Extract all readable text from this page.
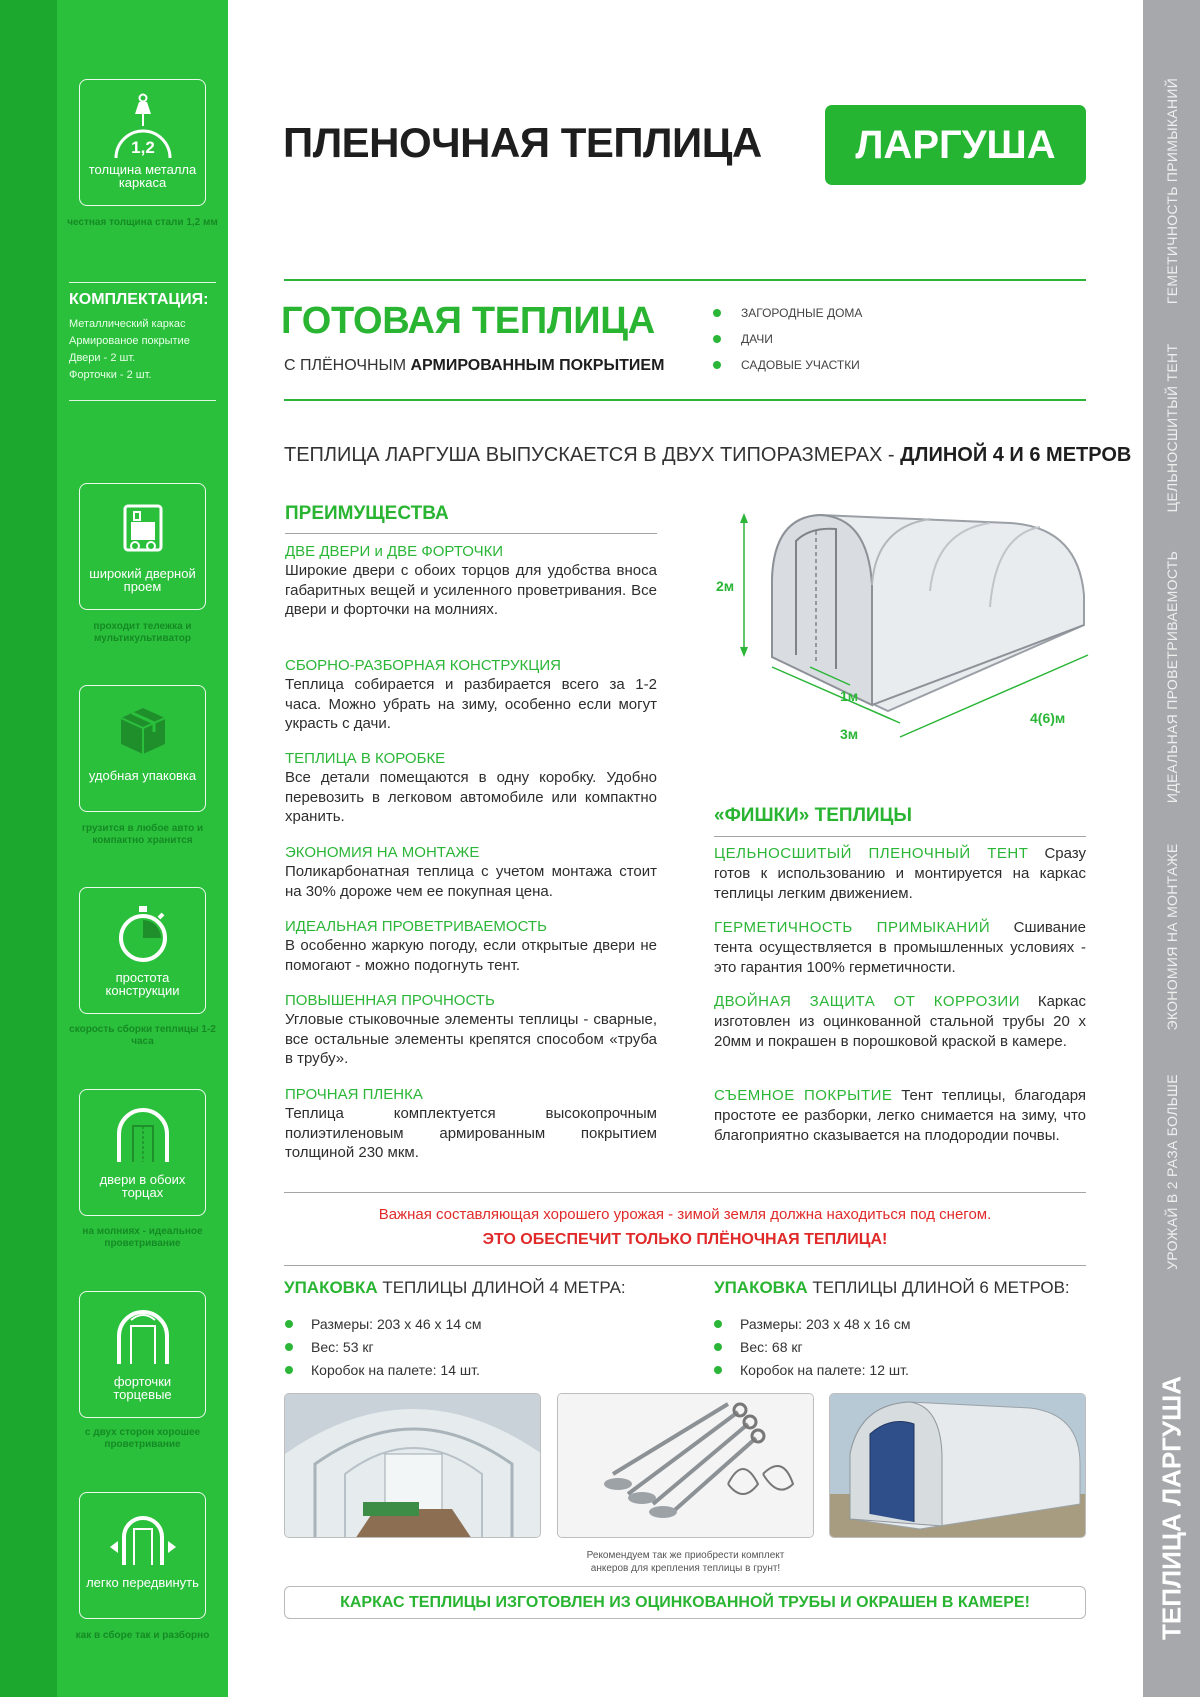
1,2
толщина металла каркаса
честная толщина стали 1,2 мм
КОМПЛЕКТАЦИЯ:
Металлический каркас
Армированое покрытие
Двери - 2 шт.
Форточки - 2 шт.
широкий дверной проем
проходит тележка и мультикультиватор
удобная упаковка
грузится в любое авто и компактно хранится
простота конструкции
скорость сборки теплицы 1-2 часа
двери в обоих торцах
на молниях - идеальное проветривание
форточки торцевые
с двух сторон хорошее проветривание
легко передвинуть
как в сборе так и разборно
ГЕМЕТИЧНОСТЬ ПРИМЫКАНИЙ
ЦЕЛЬНОСШИТЫЙ ТЕНТ
ИДЕАЛЬНАЯ ПРОВЕТРИВАЕМОСТЬ
ЭКОНОМИЯ НА МОНТАЖЕ
УРОЖАЙ В 2 РАЗА БОЛЬШЕ
ТЕПЛИЦА ЛАРГУША
ПЛЕНОЧНАЯ ТЕПЛИЦА	ЛАРГУША
ГОТОВАЯ ТЕПЛИЦА
С ПЛЁНОЧНЫМ АРМИРОВАННЫМ ПОКРЫТИЕМ
ЗАГОРОДНЫЕ ДОМА
ДАЧИ
САДОВЫЕ УЧАСТКИ
ТЕПЛИЦА ЛАРГУША ВЫПУСКАЕТСЯ В ДВУХ ТИПОРАЗМЕРАХ - ДЛИНОЙ 4 И 6 МЕТРОВ
ПРЕИМУЩЕСТВА
ДВЕ ДВЕРИ и ДВЕ ФОРТОЧКИ
Широкие двери с обоих торцов для удобства вноса габаритных вещей и усиленного проветривания. Все двери и форточки на молниях.
СБОРНО-РАЗБОРНАЯ КОНСТРУКЦИЯ
Теплица собирается и разбирается всего за 1-2 часа. Можно убрать на зиму, особенно если могут украсть с дачи.
ТЕПЛИЦА В КОРОБКЕ
Все детали помещаются в одну коробку. Удобно перевозить в легковом автомобиле или компактно хранить.
ЭКОНОМИЯ НА МОНТАЖЕ
Поликарбонатная теплица с учетом монтажа стоит на 30% дороже чем ее покупная цена.
ИДЕАЛЬНАЯ ПРОВЕТРИВАЕМОСТЬ
В особенно жаркую погоду, если открытые двери не помогают - можно подогнуть тент.
ПОВЫШЕННАЯ ПРОЧНОСТЬ
Угловые стыковочные элементы теплицы - сварные, все остальные элементы крепятся способом «труба в трубу».
ПРОЧНАЯ ПЛЕНКА
Теплица комплектуется высокопрочным полиэтиленовым армированным покрытием толщиной 230 мкм.
2м
1м
3м
4(6)м
«ФИШКИ» ТЕПЛИЦЫ
ЦЕЛЬНОСШИТЫЙ ПЛЕНОЧНЫЙ ТЕНТ Сразу готов к использованию и монтируется на каркас теплицы легким движением.
ГЕРМЕТИЧНОСТЬ ПРИМЫКАНИЙ Сшивание тента осуществляется в промышленных условиях - это гарантия 100% герметичности.
ДВОЙНАЯ ЗАЩИТА ОТ КОРРОЗИИ Каркас изготовлен из оцинкованной стальной трубы 20 х 20мм и покрашен в порошковой краской в камере.
СЪЕМНОЕ ПОКРЫТИЕ Тент теплицы, благодаря простоте ее разборки, легко снимается на зиму, что благоприятно сказывается на плодородии почвы.
Важная составляющая хорошего урожая - зимой земля должна находиться под снегом.
ЭТО ОБЕСПЕЧИТ ТОЛЬКО ПЛЁНОЧНАЯ ТЕПЛИЦА!
УПАКОВКА ТЕПЛИЦЫ ДЛИНОЙ 4 МЕТРА:
Размеры: 203 х 46 х 14 см
Вес: 53 кг
Коробок на палете: 14 шт.
УПАКОВКА ТЕПЛИЦЫ ДЛИНОЙ 6 МЕТРОВ:
Размеры: 203 х 48 х 16 см
Вес: 68 кг
Коробок на палете: 12 шт.
Рекомендуем так же приобрести комплект
анкеров для крепления теплицы в грунт!
КАРКАС ТЕПЛИЦЫ ИЗГОТОВЛЕН ИЗ ОЦИНКОВАННОЙ ТРУБЫ И ОКРАШЕН В КАМЕРЕ!
